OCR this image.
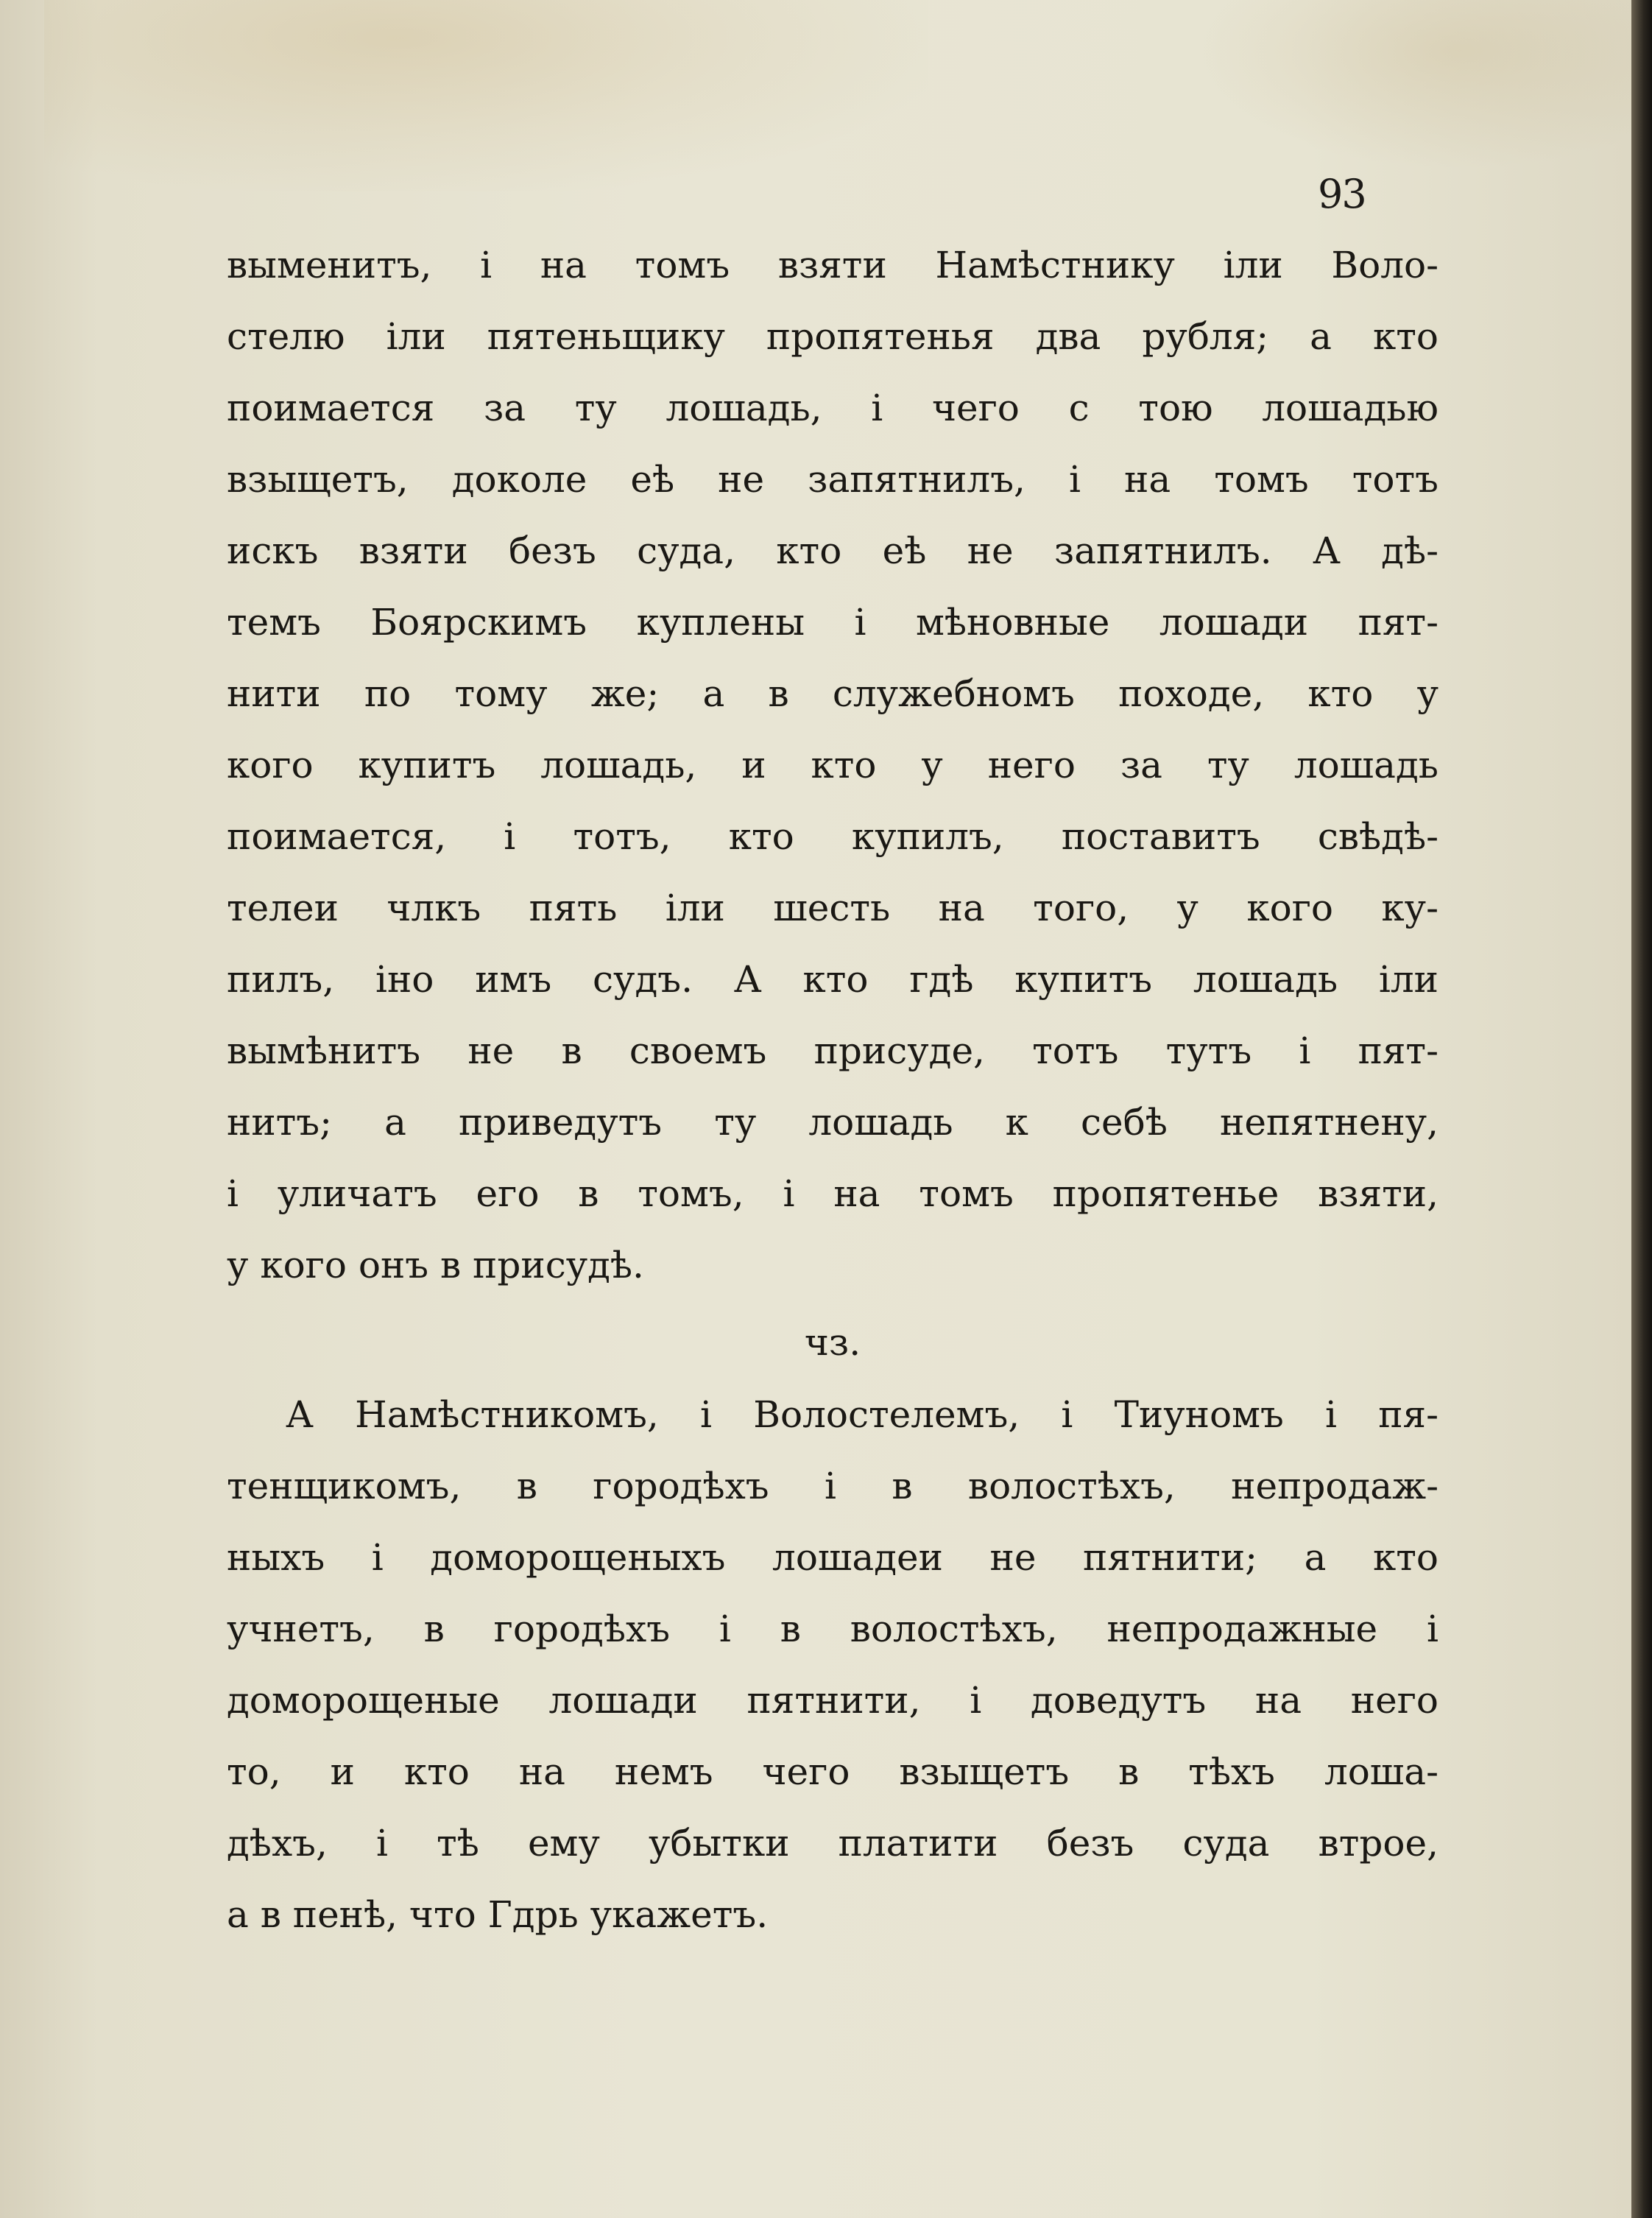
93
выменитъ, і на томъ взяти Намѣстнику іли Воло-
стелю іли пятеньщику пропятенья два рубля; а кто
поимается за ту лошадь, і чего с тою лошадью
взыщетъ, доколе еѣ не запятнилъ, і на томъ тотъ
искъ взяти безъ суда, кто еѣ не запятнилъ. А дѣ-
темъ Боярскимъ куплены і мѣновные лошади пят-
нити по тому же; а в служебномъ походе, кто у
кого купитъ лошадь, и кто у него за ту лошадь
поимается, і тотъ, кто купилъ, поставитъ свѣдѣ-
телеи члкъ пять іли шесть на того, у кого ку-
пилъ, іно имъ судъ. А кто гдѣ купитъ лошадь іли
вымѣнитъ не в своемъ присуде, тотъ тутъ і пят-
нитъ; а приведутъ ту лошадь к себѣ непятнену,
і уличатъ его в томъ, і на томъ пропятенье взяти,
у кого онъ в присудѣ.
чз.
А Намѣстникомъ, і Волостелемъ, і Тиуномъ і пя-
тенщикомъ, в городѣхъ і в волостѣхъ, непродаж-
ныхъ і доморощеныхъ лошадеи не пятнити; а кто
учнетъ, в городѣхъ і в волостѣхъ, непродажные і
доморощеные лошади пятнити, і доведутъ на него
то, и кто на немъ чего взыщетъ в тѣхъ лоша-
дѣхъ, і тѣ ему убытки платити безъ суда втрое,
а в пенѣ, что Гдрь укажетъ.
